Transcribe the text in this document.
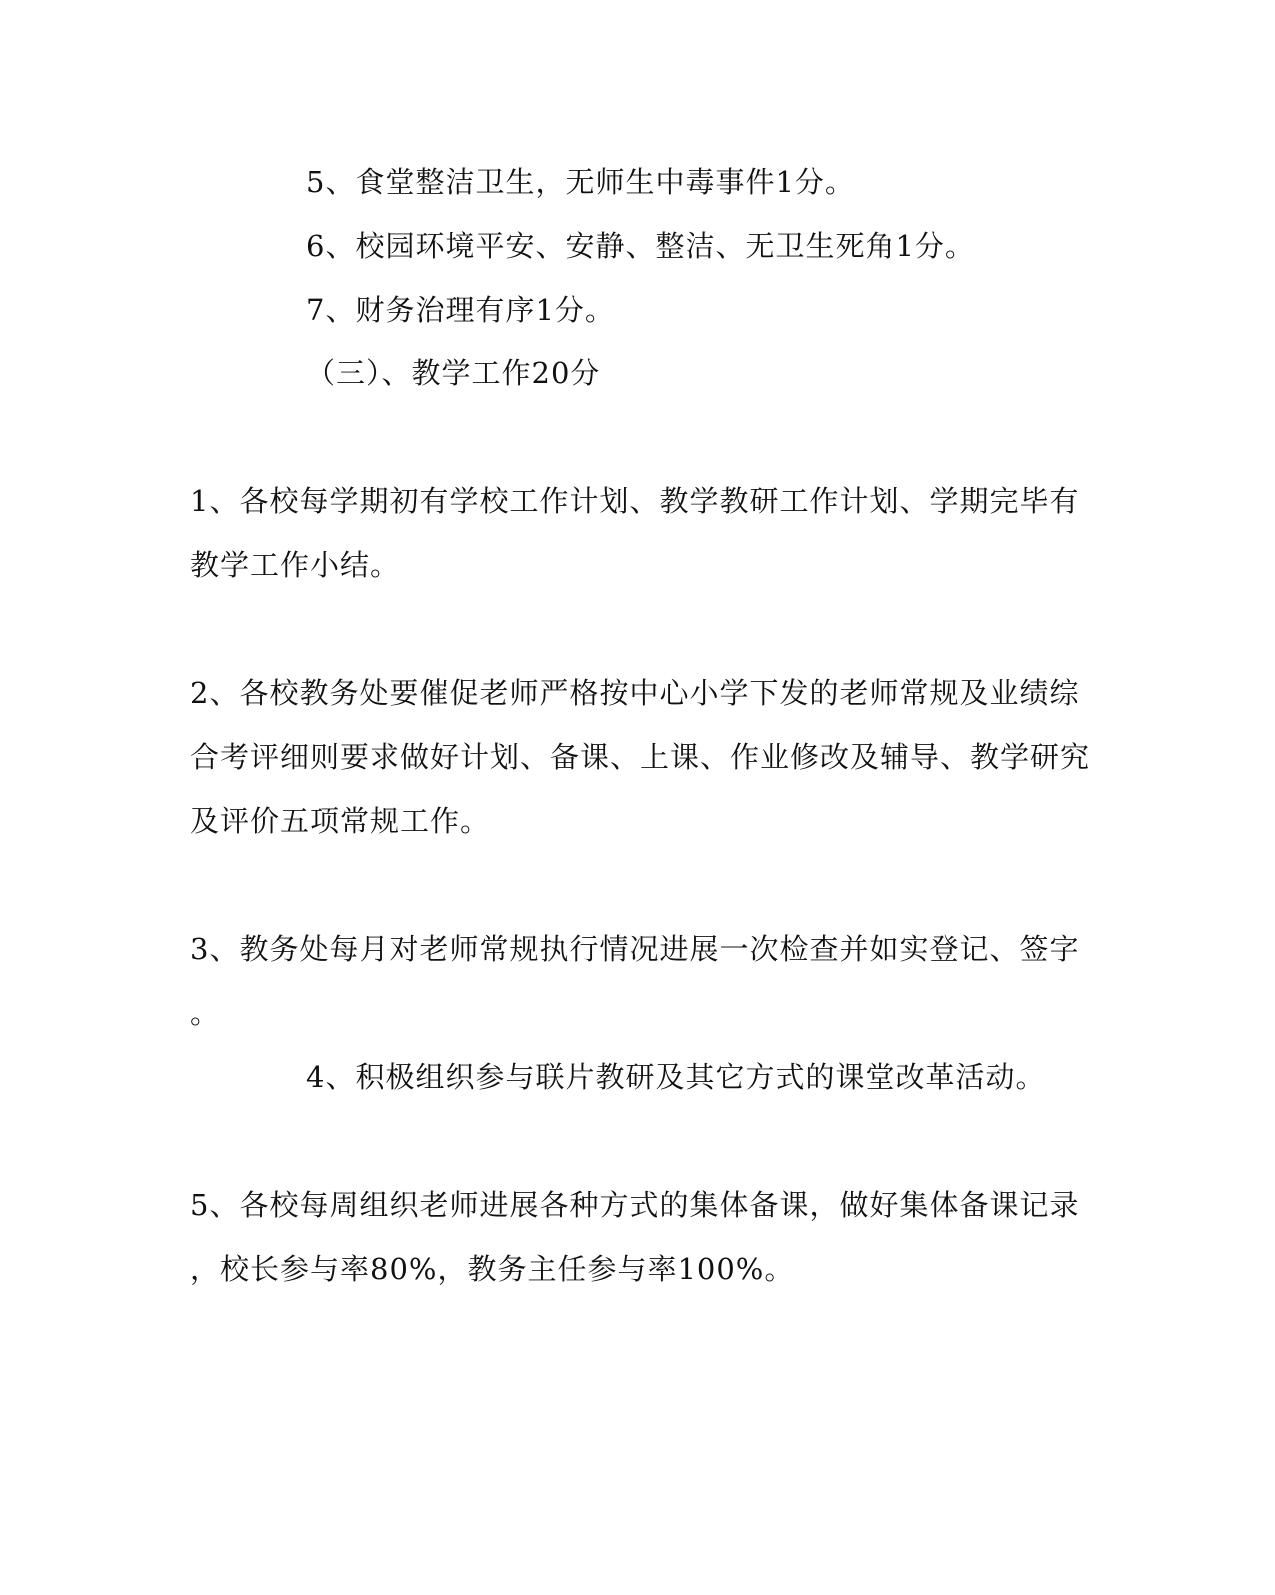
5、食堂整洁卫生，无师生中毒事件1分。
6、校园环境平安、安静、整洁、无卫生死角1分。
7、财务治理有序1分。
（三）、教学工作20分
1、各校每学期初有学校工作计划、教学教研工作计划、学期完毕有
教学工作小结。
2、各校教务处要催促老师严格按中心小学下发的老师常规及业绩综
合考评细则要求做好计划、备课、上课、作业修改及辅导、教学研究
及评价五项常规工作。
3、教务处每月对老师常规执行情况进展一次检查并如实登记、签字
。
4、积极组织参与联片教研及其它方式的课堂改革活动。
5、各校每周组织老师进展各种方式的集体备课，做好集体备课记录
，校长参与率80%，教务主任参与率100%。
